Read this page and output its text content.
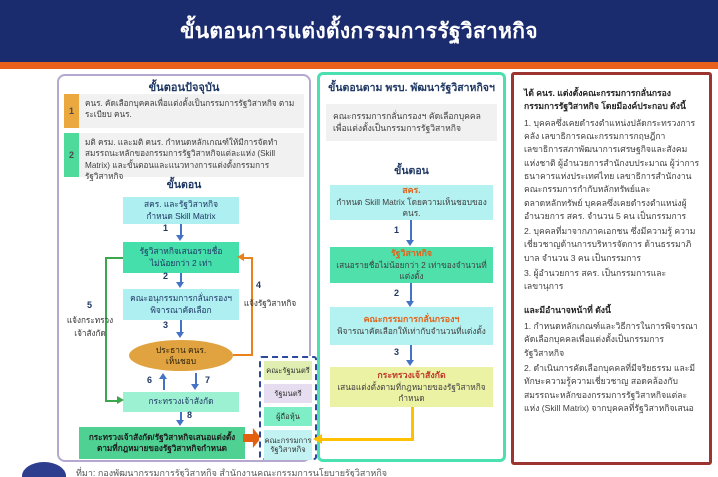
ขั้นตอนการแต่งตั้งกรรมการรัฐวิสาหกิจ
ขั้นตอนปัจจุบัน
1
คนร. คัดเลือกบุคคลเพื่อแต่งตั้งเป็นกรรมการรัฐวิสาหกิจ ตามระเบียบ คนร.
2
มติ ครม. และมติ คนร. กำหนดหลักเกณฑ์ให้มีการจัดทำสมรรถนะหลักของกรรมการรัฐวิสาหกิจแต่ละแห่ง (Skill Matrix) และขั้นตอนและแนวทางการแต่งตั้งกรรมการรัฐวิสาหกิจ
ขั้นตอน
สคร. และรัฐวิสาหกิจ
กำหนด Skill Matrix
1
รัฐวิสาหกิจเสนอรายชื่อ
ไม่น้อยกว่า 2 เท่า
2
คณะอนุกรรมการกลั่นกรองฯ
พิจารณาคัดเลือก
3
ประธาน คนร.
เห็นชอบ
6	7
กระทรวงเจ้าสังกัด
8
กระทรวงเจ้าสังกัด/รัฐวิสาหกิจเสนอแต่งตั้ง
ตามที่กฎหมายของรัฐวิสาหกิจกำหนด
5
แจ้งกระทรวง
เจ้าสังกัด
4
แจ้งรัฐวิสาหกิจ
คณะรัฐมนตรี
รัฐมนตรี
ผู้ถือหุ้น
คณะกรรมการรัฐวิสาหกิจ
ขั้นตอนตาม พรบ. พัฒนารัฐวิสาหกิจฯ
คณะกรรมการกลั่นกรองฯ คัดเลือกบุคคลเพื่อแต่งตั้งเป็นกรรมการรัฐวิสาหกิจ
ขั้นตอน
สคร.
กำหนด Skill Matrix โดยความเห็นชอบของ คนร.
1
รัฐวิสาหกิจ
เสนอรายชื่อไม่น้อยกว่า 2 เท่าของจำนวนที่แต่งตั้ง
2
คณะกรรมการกลั่นกรองฯ
พิจารณาคัดเลือกให้เท่ากับจำนวนที่แต่งตั้ง
3
กระทรวงเจ้าสังกัด
เสนอแต่งตั้งตามที่กฎหมายของรัฐวิสาหกิจกำหนด
ได้ คนร. แต่งตั้งคณะกรรมการกลั่นกรองกรรมการรัฐวิสาหกิจ โดยมีองค์ประกอบ ดังนี้
1. บุคคลซึ่งเคยดำรงตำแหน่งปลัดกระทรวงการคลัง เลขาธิการคณะกรรมการกฤษฎีกา เลขาธิการสภาพัฒนาการเศรษฐกิจและสังคมแห่งชาติ ผู้อำนวยการสำนักงบประมาณ ผู้ว่าการธนาคารแห่งประเทศไทย เลขาธิการสำนักงานคณะกรรมการกำกับหลักทรัพย์และตลาดหลักทรัพย์ บุคคลซึ่งเคยดำรงตำแหน่งผู้อำนวยการ สคร. จำนวน 5 คน เป็นกรรมการ
2. บุคคลที่มาจากภาคเอกชน ซึ่งมีความรู้ ความเชี่ยวชาญด้านการบริหารจัดการ ด้านธรรมาภิบาล จำนวน 3 คน เป็นกรรมการ
3. ผู้อำนวยการ สคร. เป็นกรรมการและเลขานุการ
และมีอำนาจหน้าที่ ดังนี้
1. กำหนดหลักเกณฑ์และวิธีการในการพิจารณาคัดเลือกบุคคลเพื่อแต่งตั้งเป็นกรรมการรัฐวิสาหกิจ
2. ดำเนินการคัดเลือกบุคคลที่มีจริยธรรม และมีทักษะความรู้ความเชี่ยวชาญ สอดคล้องกับสมรรถนะหลักของกรรมการรัฐวิสาหกิจแต่ละแห่ง (Skill Matrix) จากบุคคลที่รัฐวิสาหกิจเสนอ
ที่มา: กองพัฒนากรรมการรัฐวิสาหกิจ สำนักงานคณะกรรมการนโยบายรัฐวิสาหกิจ
